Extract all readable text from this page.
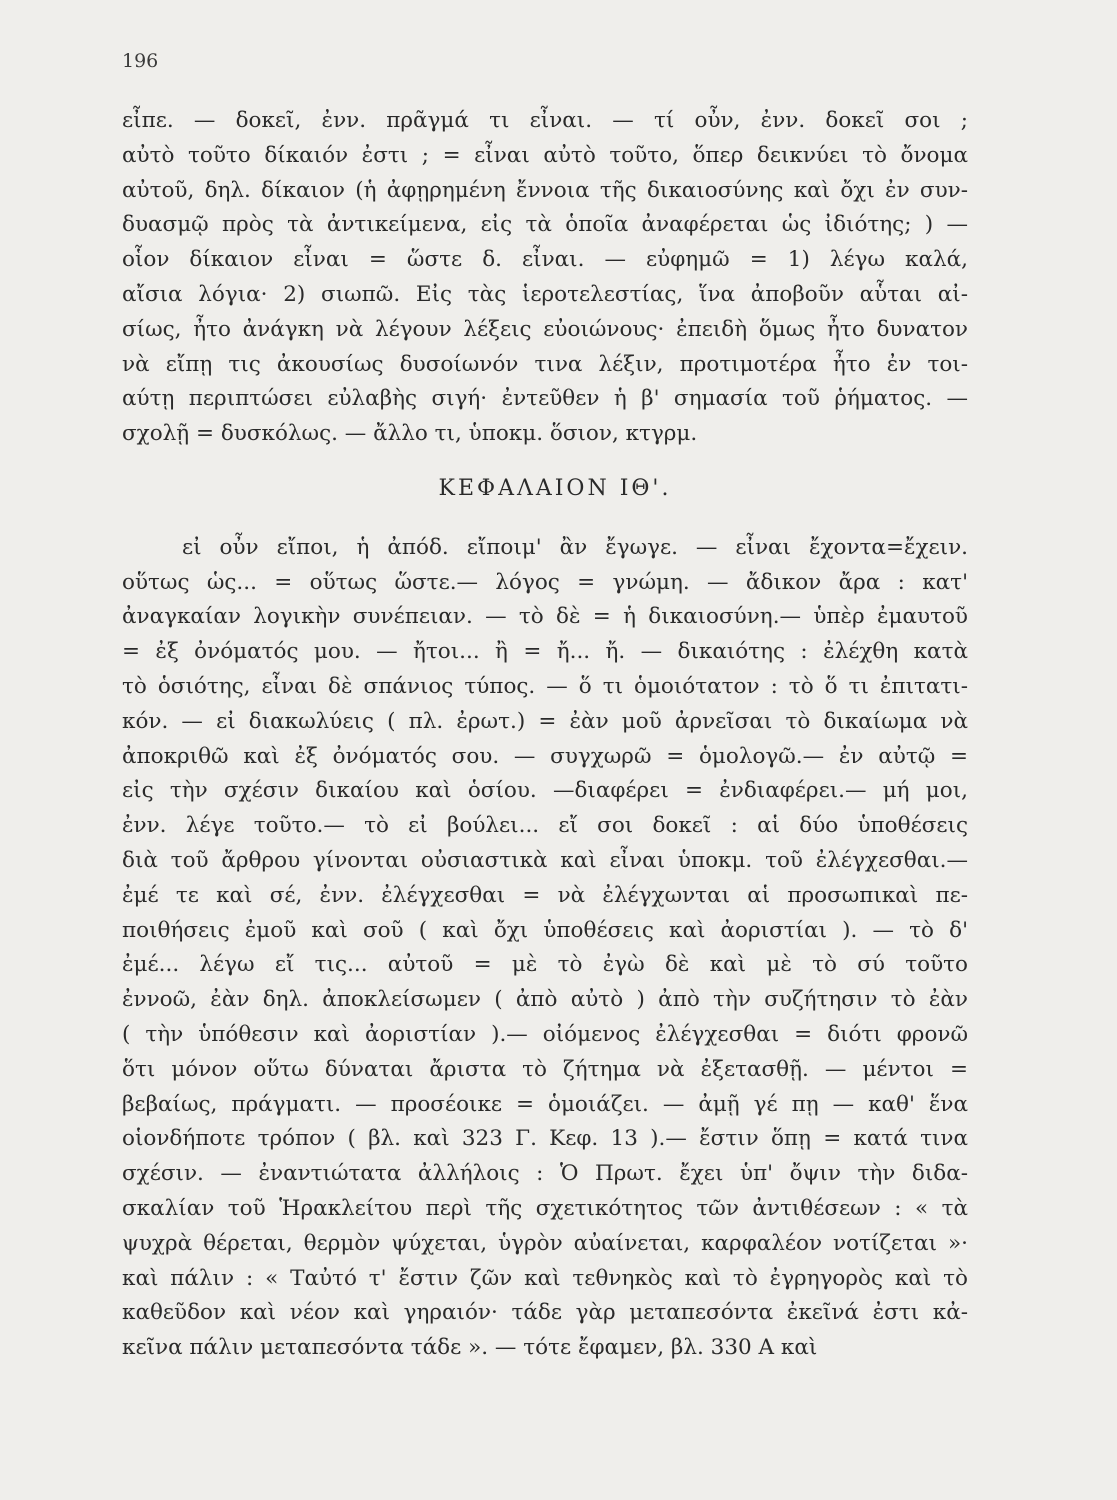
196
εἶπε. — δοκεῖ, ἐνν. πρᾶγμά τι εἶναι. — τί οὖν, ἐνν. δοκεῖ σοι ;
αὐτὸ τοῦτο δίκαιόν ἐστι ; = εἶναι αὐτὸ τοῦτο, ὅπερ δεικνύει τὸ ὄνομα
αὐτοῦ, δηλ. δίκαιον (ἡ ἀφῃρημένη ἔννοια τῆς δικαιοσύνης καὶ ὄχι ἐν συν-
δυασμῷ πρὸς τὰ ἀντικείμενα, εἰς τὰ ὁποῖα ἀναφέρεται ὡς ἰδιότης; ) —
οἷον δίκαιον εἶναι = ὥστε δ. εἶναι. — εὐφημῶ = 1) λέγω καλά,
αἴσια λόγια· 2) σιωπῶ. Εἰς τὰς ἱεροτελεστίας, ἵνα ἀποβοῦν αὗται αἰ-
σίως, ἦτο ἀνάγκη νὰ λέγουν λέξεις εὐοιώνους· ἐπειδὴ ὅμως ἦτο δυνατον
νὰ εἴπῃ τις ἀκουσίως δυσοίωνόν τινα λέξιν, προτιμοτέρα ἦτο ἐν τοι-
αύτῃ περιπτώσει εὐλαβὴς σιγή· ἐντεῦθεν ἡ β' σημασία τοῦ ῥήματος. —
σχολῇ = δυσκόλως. — ἄλλο τι, ὑποκμ. ὅσιον, κτγρμ.
ΚΕΦΑΛΑΙΟΝ ΙΘ'.
εἰ οὖν εἴποι, ἡ ἀπόδ. εἴποιμ' ἂν ἔγωγε. — εἶναι ἔχοντα=ἔχειν.
οὕτως ὡς... = οὕτως ὥστε.— λόγος = γνώμη. — ἄδικον ἄρα : κατ'
ἀναγκαίαν λογικὴν συνέπειαν. — τὸ δὲ = ἡ δικαιοσύνη.— ὑπὲρ ἐμαυτοῦ
= ἐξ ὀνόματός μου. — ἤτοι... ἢ = ἤ... ἤ. — δικαιότης : ἐλέχθη κατὰ
τὸ ὁσιότης, εἶναι δὲ σπάνιος τύπος. — ὅ τι ὁμοιότατον : τὸ ὅ τι ἐπιτατι-
κόν. — εἰ διακωλύεις ( πλ. ἐρωτ.) = ἐὰν μοῦ ἀρνεῖσαι τὸ δικαίωμα νὰ
ἀποκριθῶ καὶ ἐξ ὀνόματός σου. — συγχωρῶ = ὁμολογῶ.— ἐν αὐτῷ =
εἰς τὴν σχέσιν δικαίου καὶ ὁσίου. —διαφέρει = ἐνδιαφέρει.— μή μοι,
ἐνν. λέγε τοῦτο.— τὸ εἰ βούλει... εἴ σοι δοκεῖ : αἱ δύο ὑποθέσεις
διὰ τοῦ ἄρθρου γίνονται οὐσιαστικὰ καὶ εἶναι ὑποκμ. τοῦ ἐλέγχεσθαι.—
ἐμέ τε καὶ σέ, ἐνν. ἐλέγχεσθαι = νὰ ἐλέγχωνται αἱ προσωπικαὶ πε-
ποιθήσεις ἐμοῦ καὶ σοῦ ( καὶ ὄχι ὑποθέσεις καὶ ἀοριστίαι ). — τὸ δ'
ἐμέ... λέγω εἴ τις... αὐτοῦ = μὲ τὸ ἐγὼ δὲ καὶ μὲ τὸ σύ τοῦτο
ἐννοῶ, ἐὰν δηλ. ἀποκλείσωμεν ( ἀπὸ αὐτὸ ) ἀπὸ τὴν συζήτησιν τὸ ἐὰν
( τὴν ὑπόθεσιν καὶ ἀοριστίαν ).— οἰόμενος ἐλέγχεσθαι = διότι φρονῶ
ὅτι μόνον οὕτω δύναται ἄριστα τὸ ζήτημα νὰ ἐξετασθῇ. — μέντοι =
βεβαίως, πράγματι. — προσέοικε = ὁμοιάζει. — ἀμῇ γέ πῃ — καθ' ἕνα
οἱονδήποτε τρόπον ( βλ. καὶ 323 Γ. Κεφ. 13 ).— ἔστιν ὅπῃ = κατά τινα
σχέσιν. — ἐναντιώτατα ἀλλήλοις : Ὁ Πρωτ. ἔχει ὑπ' ὄψιν τὴν διδα-
σκαλίαν τοῦ Ἡρακλείτου περὶ τῆς σχετικότητος τῶν ἀντιθέσεων : « τὰ
ψυχρὰ θέρεται, θερμὸν ψύχεται, ὑγρὸν αὐαίνεται, καρφαλέον νοτίζεται »·
καὶ πάλιν : « Ταὐτό τ' ἔστιν ζῶν καὶ τεθνηκὸς καὶ τὸ ἐγρηγορὸς καὶ τὸ
καθεῦδον καὶ νέον καὶ γηραιόν· τάδε γὰρ μεταπεσόντα ἐκεῖνά ἐστι κἀ-
κεῖνα πάλιν μεταπεσόντα τάδε ». — τότε ἔφαμεν, βλ. 330 Α καὶ
